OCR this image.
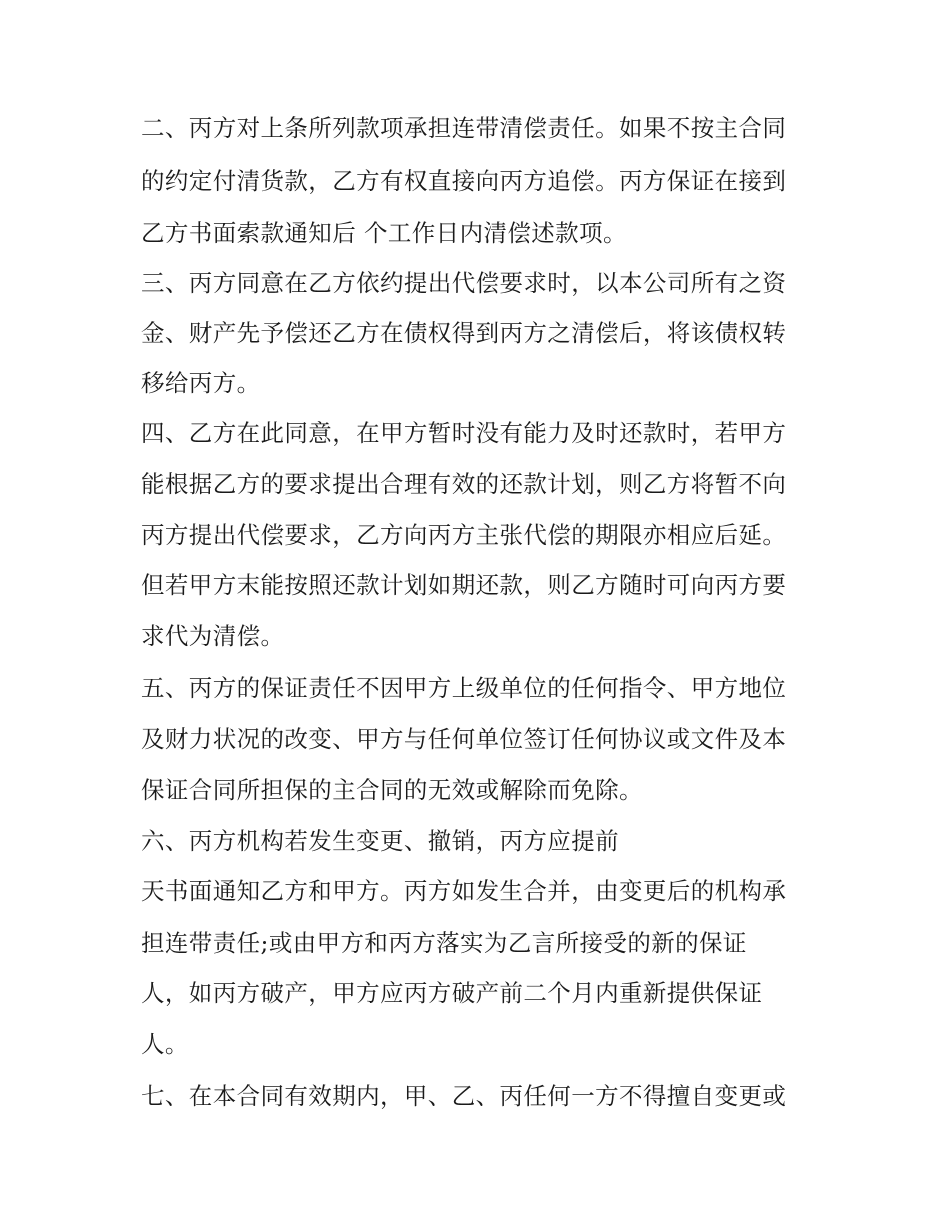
二、丙方对上条所列款项承担连带清偿责任。如果不按主合同
的约定付清货款，乙方有权直接向丙方追偿。丙方保证在接到
乙方书面索款通知后 个工作日内清偿述款项。
三、丙方同意在乙方依约提出代偿要求时，以本公司所有之资
金、财产先予偿还乙方在债权得到丙方之清偿后，将该债权转
移给丙方。
四、乙方在此同意，在甲方暂时没有能力及时还款时，若甲方
能根据乙方的要求提出合理有效的还款计划，则乙方将暂不向
丙方提出代偿要求，乙方向丙方主张代偿的期限亦相应后延。
但若甲方末能按照还款计划如期还款，则乙方随时可向丙方要
求代为清偿。
五、丙方的保证责任不因甲方上级单位的任何指令、甲方地位
及财力状况的改变、甲方与任何单位签订任何协议或文件及本
保证合同所担保的主合同的无效或解除而免除。
六、丙方机构若发生变更、撤销，丙方应提前
天书面通知乙方和甲方。丙方如发生合并，由变更后的机构承
担连带责任;或由甲方和丙方落实为乙言所接受的新的保证
人，如丙方破产，甲方应丙方破产前二个月内重新提供保证
人。
七、在本合同有效期内，甲、乙、丙任何一方不得擅自变更或
